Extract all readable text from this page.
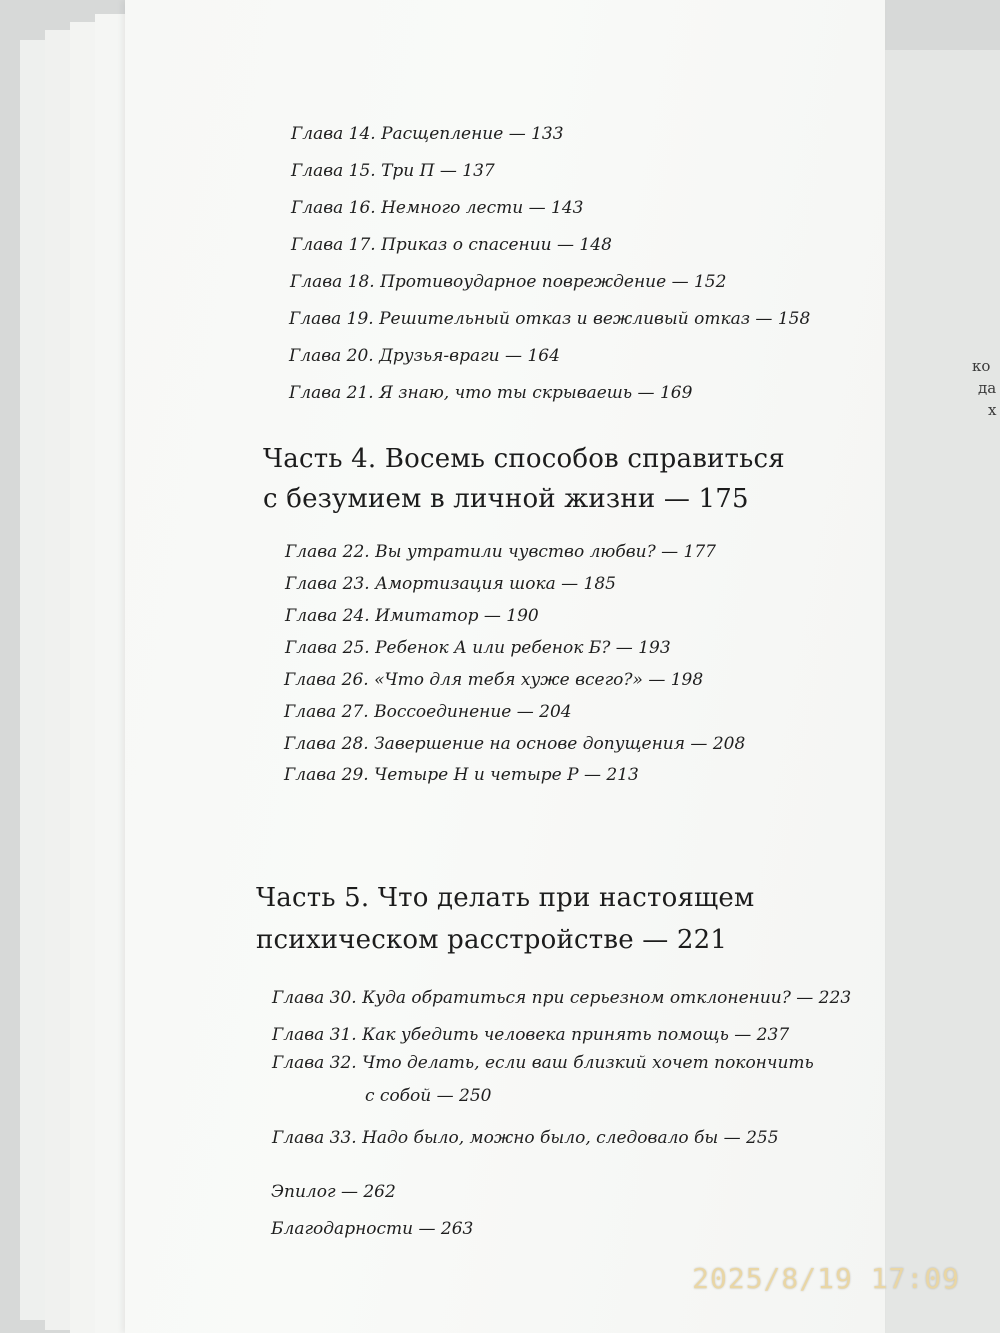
ко
да
х
Глава 14. Расщепление — 133
Глава 15. Три П — 137
Глава 16. Немного лести — 143
Глава 17. Приказ о спасении — 148
Глава 18. Противоударное повреждение — 152
Глава 19. Решительный отказ и вежливый отказ — 158
Глава 20. Друзья-враги — 164
Глава 21. Я знаю, что ты скрываешь — 169
Часть 4. Восемь способов справиться
с безумием в личной жизни — 175
Глава 22. Вы утратили чувство любви? — 177
Глава 23. Амортизация шока — 185
Глава 24. Имитатор — 190
Глава 25. Ребенок А или ребенок Б? — 193
Глава 26. «Что для тебя хуже всего?» — 198
Глава 27. Воссоединение — 204
Глава 28. Завершение на основе допущения — 208
Глава 29. Четыре Н и четыре Р — 213
Часть 5. Что делать при настоящем
психическом расстройстве — 221
Глава 30. Куда обратиться при серьезном отклонении? — 223
Глава 31. Как убедить человека принять помощь — 237
Глава 32. Что делать, если ваш близкий хочет покончить
с собой — 250
Глава 33. Надо было, можно было, следовало бы — 255
Эпилог — 262
Благодарности — 263
2025/8/19 17:09
